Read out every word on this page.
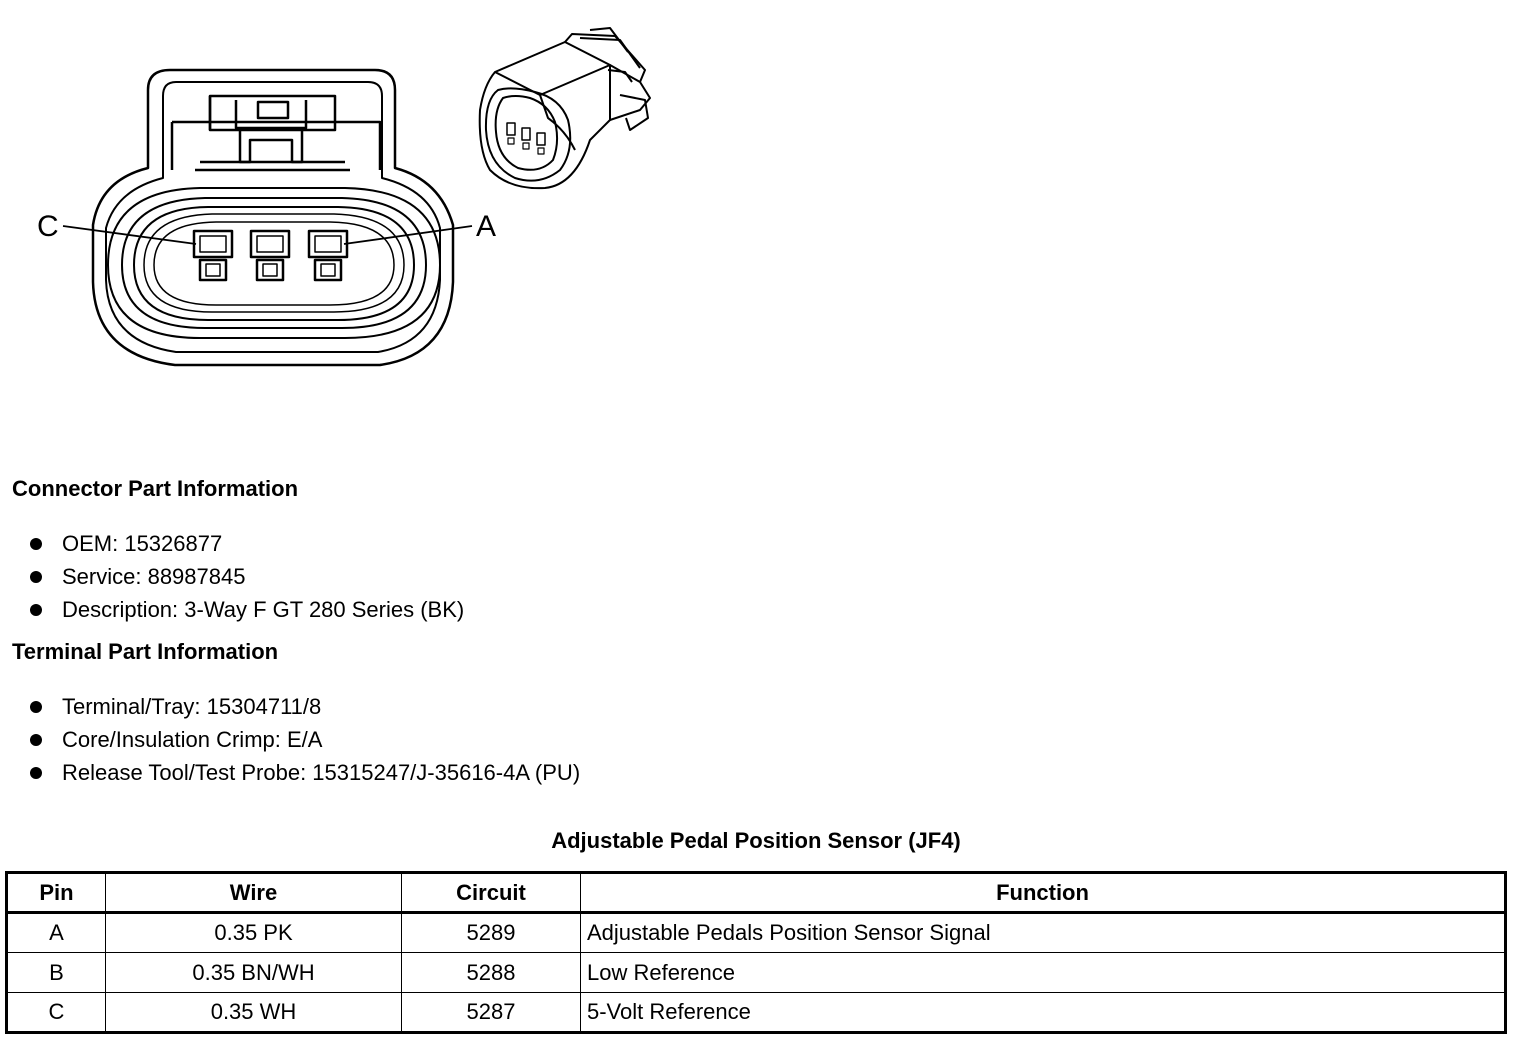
C	A
Connector Part Information
OEM: 15326877
Service: 88987845
Description: 3-Way F GT 280 Series (BK)
Terminal Part Information
Terminal/Tray: 15304711/8
Core/Insulation Crimp: E/A
Release Tool/Test Probe: 15315247/J-35616-4A (PU)
Adjustable Pedal Position Sensor (JF4)
Pin	Wire	Circuit	Function
A	0.35 PK	5289	Adjustable Pedals Position Sensor Signal
B	0.35 BN/WH	5288	Low Reference
C	0.35 WH	5287	5-Volt Reference
